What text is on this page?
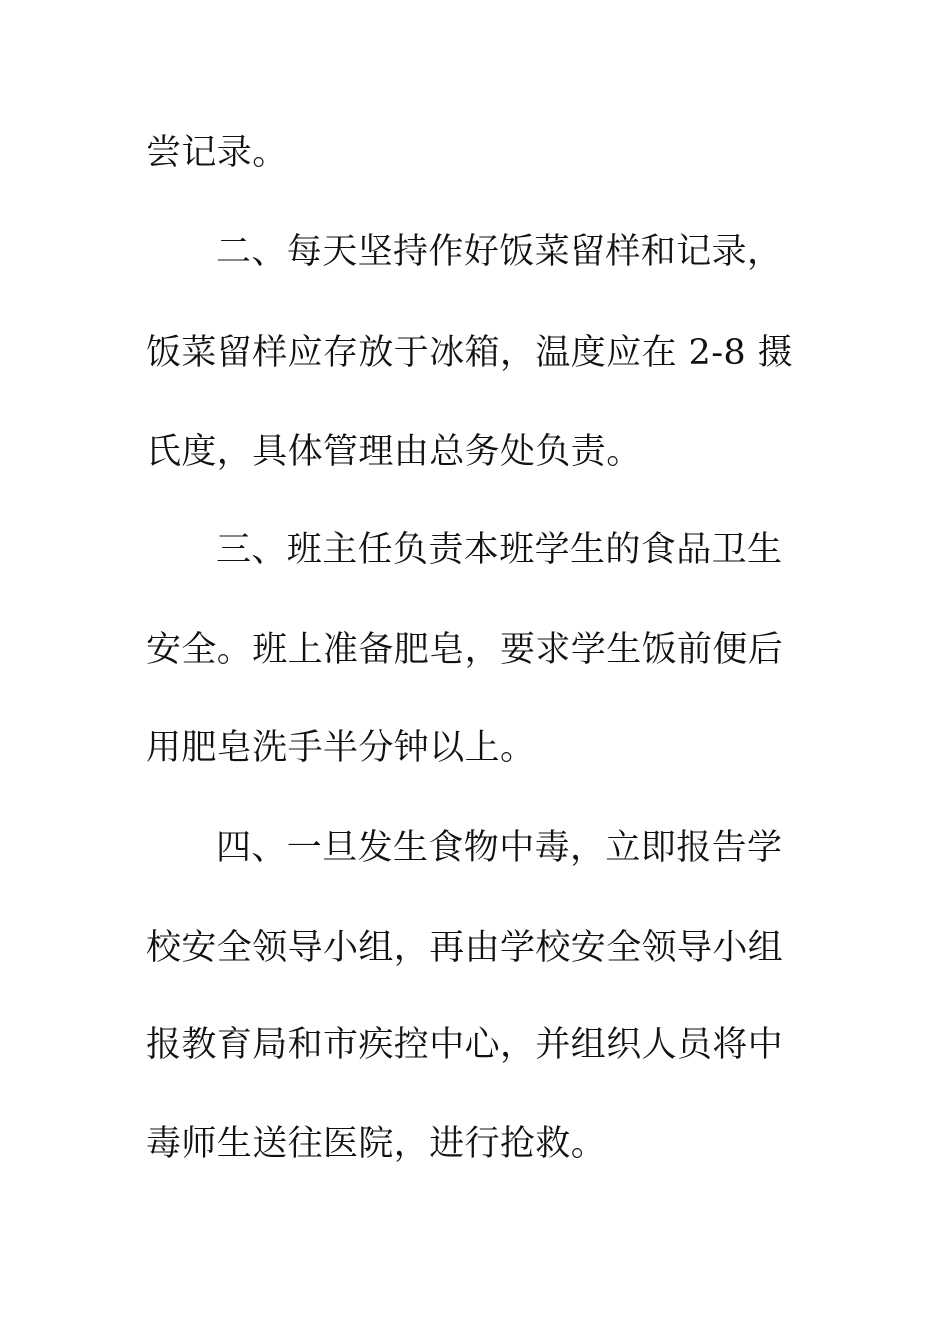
尝记录。
二、每天坚持作好饭菜留样和记录，
饭菜留样应存放于冰箱，温度应在 2-8 摄
氏度，具体管理由总务处负责。
三、班主任负责本班学生的食品卫生
安全。班上准备肥皂，要求学生饭前便后
用肥皂洗手半分钟以上。
四、一旦发生食物中毒，立即报告学
校安全领导小组，再由学校安全领导小组
报教育局和市疾控中心，并组织人员将中
毒师生送往医院，进行抢救。
